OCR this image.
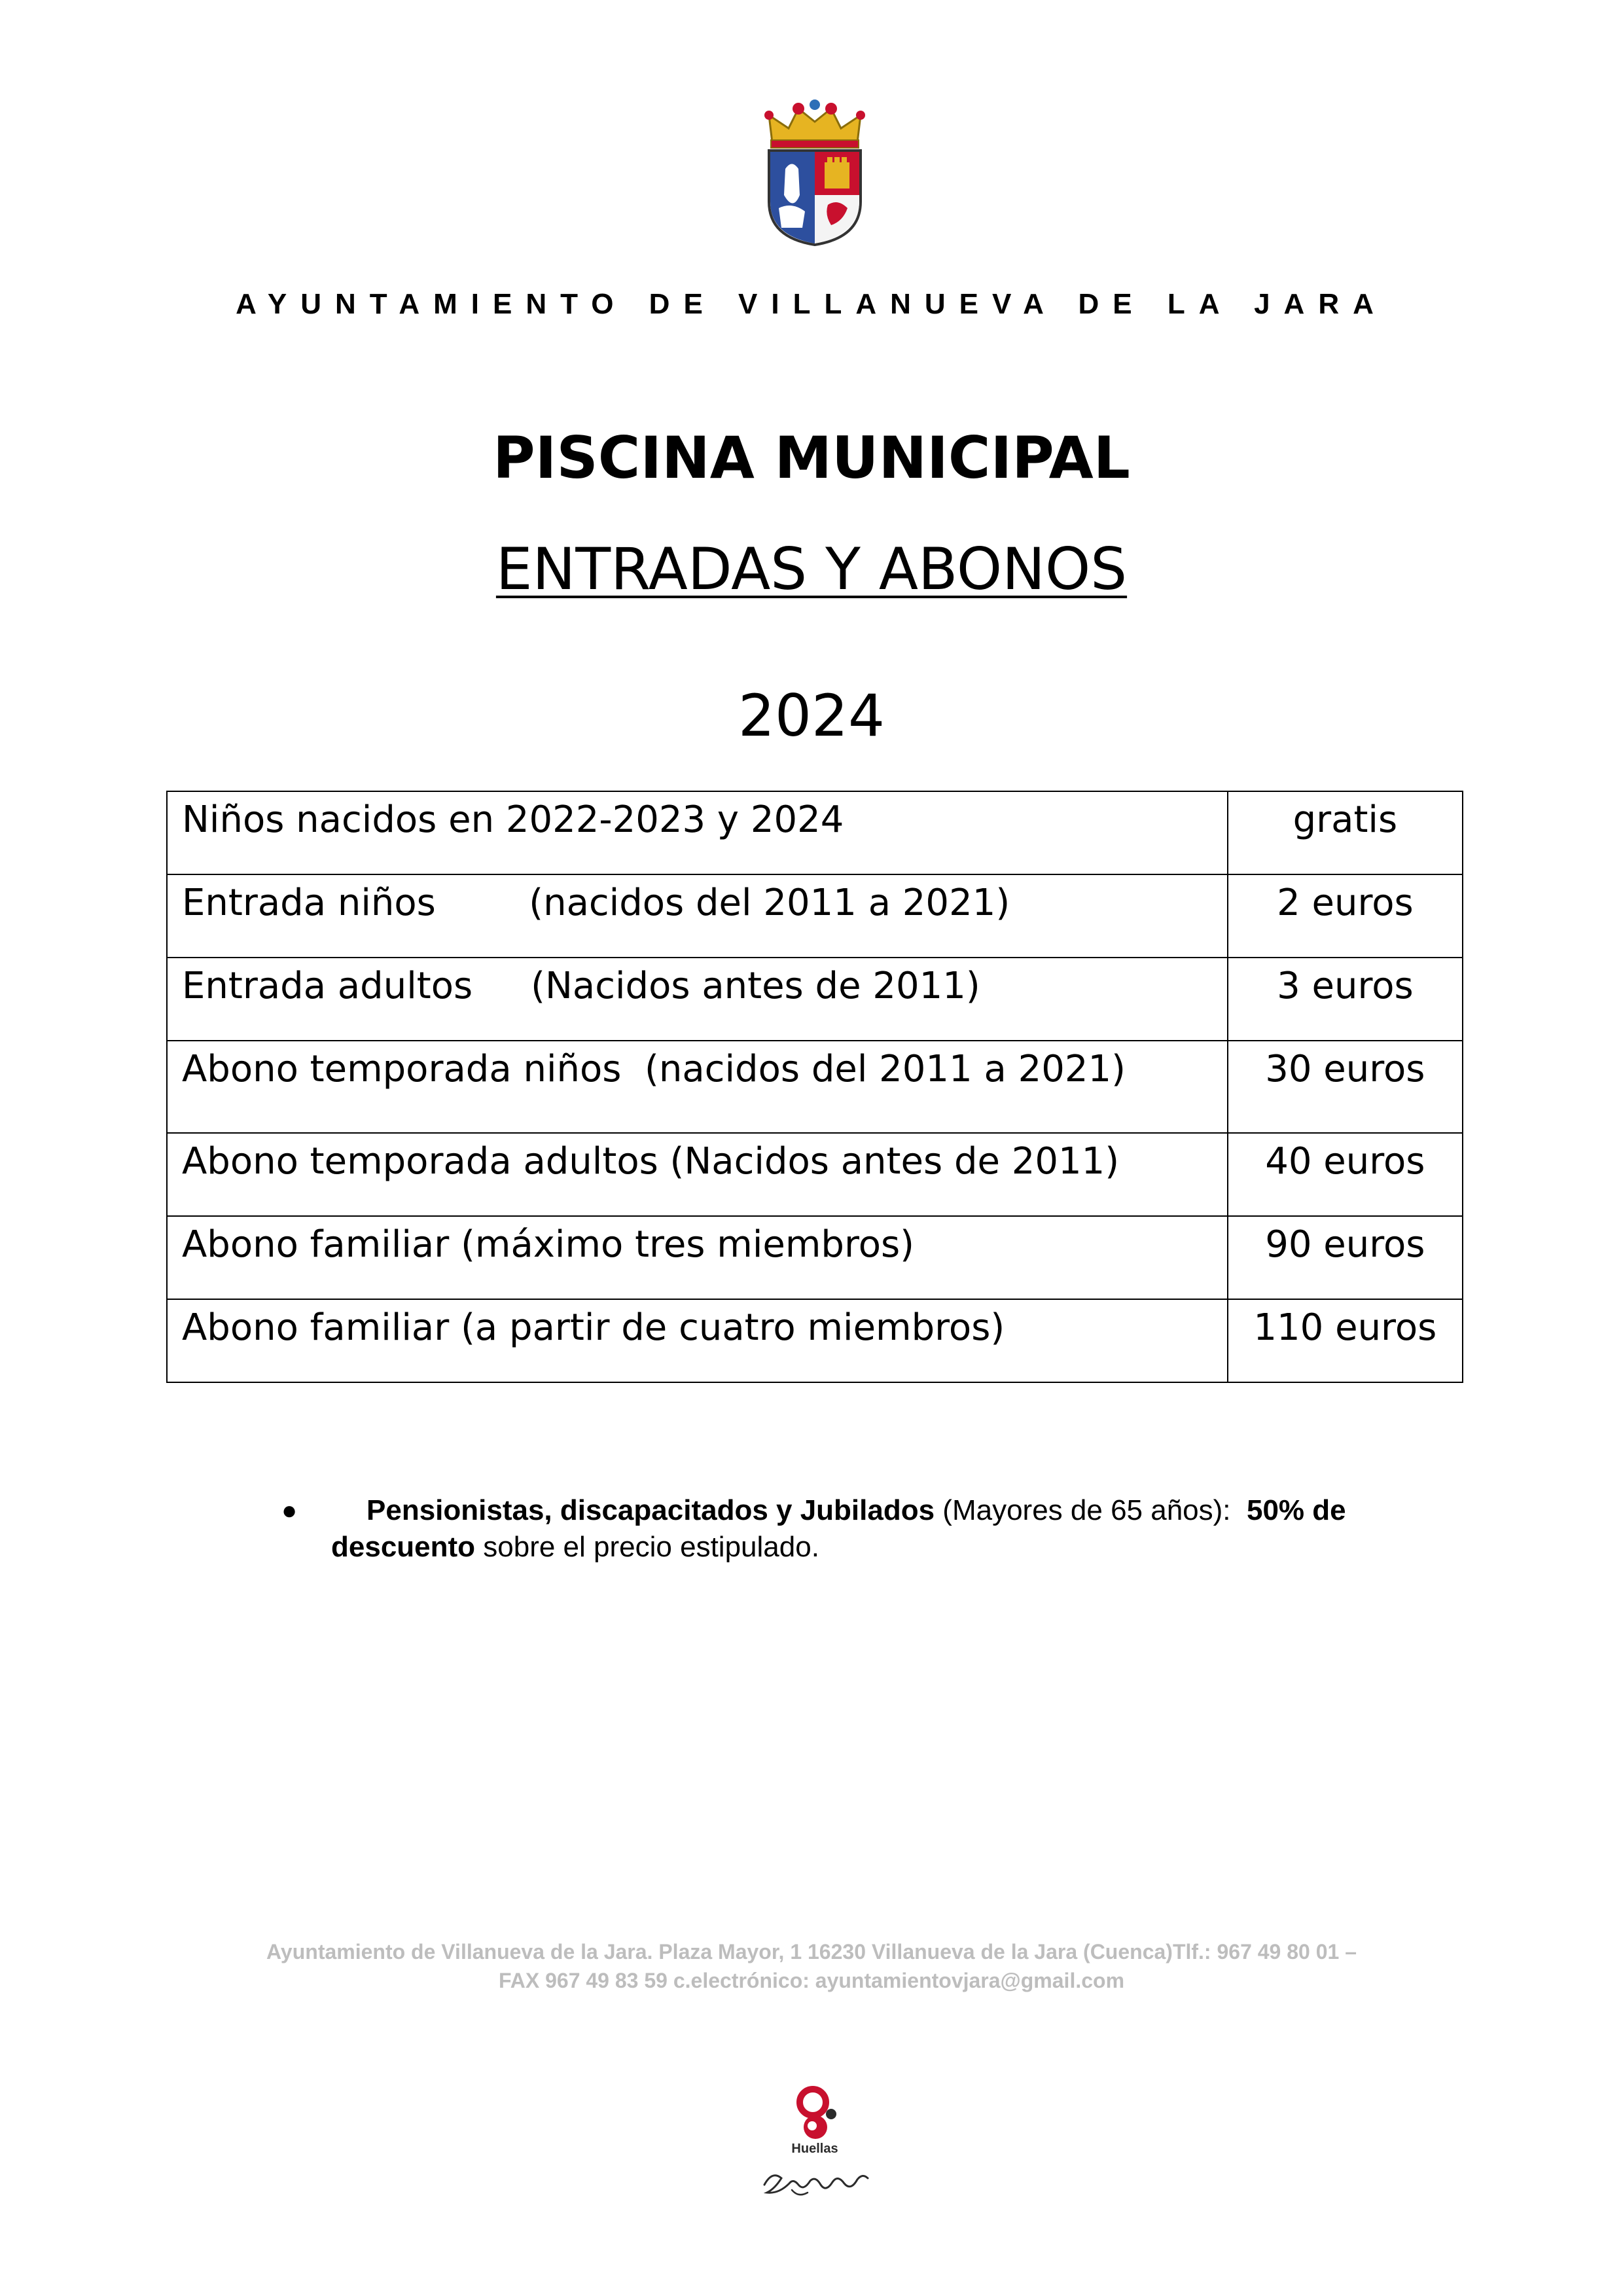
AYUNTAMIENTO DE VILLANUEVA DE LA JARA
PISCINA MUNICIPAL
ENTRADAS Y ABONOS
2024
Niños nacidos en 2022-2023 y 2024	gratis
Entrada niños        (nacidos del 2011 a 2021)	2 euros
Entrada adultos     (Nacidos antes de 2011)	3 euros
Abono temporada niños  (nacidos del 2011 a 2021)	30 euros
Abono temporada adultos (Nacidos antes de 2011)	40 euros
Abono familiar (máximo tres miembros)	90 euros
Abono familiar (a partir de cuatro miembros)	110 euros
● Pensionistas, discapacitados y Jubilados (Mayores de 65 años):  50% de
descuento sobre el precio estipulado.
Ayuntamiento de Villanueva de la Jara. Plaza Mayor, 1 16230 Villanueva de la Jara (Cuenca)Tlf.: 967 49 80 01 –
FAX 967 49 83 59 c.electrónico: ayuntamientovjara@gmail.com
Huellas
